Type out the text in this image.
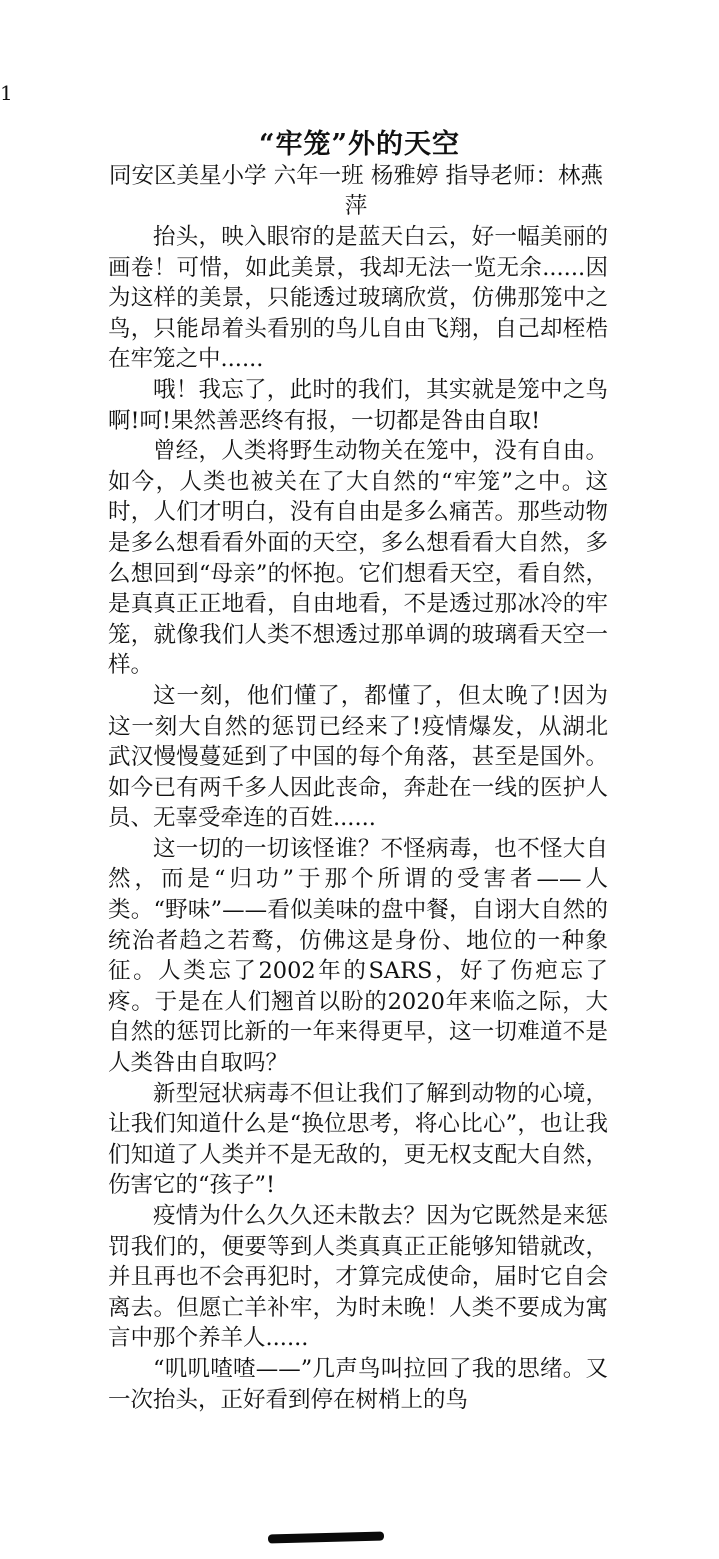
1
“牢笼”外的天空
同安区美星小学 六年一班 杨雅婷 指导老师：林燕萍

抬头，映入眼帘的是蓝天白云，好一幅美丽的画卷！可惜，如此美景，我却无法一览无余......因为这样的美景，只能透过玻璃欣赏，仿佛那笼中之鸟，只能昂着头看别的鸟儿自由飞翔，自己却桎梏在牢笼之中......

哦！我忘了，此时的我们，其实就是笼中之鸟啊!呵!果然善恶终有报，一切都是咎由自取!

曾经，人类将野生动物关在笼中，没有自由。如今，人类也被关在了大自然的“牢笼”之中。这时，人们才明白，没有自由是多么痛苦。那些动物是多么想看看外面的天空，多么想看看大自然，多么想回到“母亲”的怀抱。它们想看天空，看自然，是真真正正地看，自由地看，不是透过那冰冷的牢笼，就像我们人类不想透过那单调的玻璃看天空一样。

这一刻，他们懂了，都懂了，但太晚了!因为这一刻大自然的惩罚已经来了!疫情爆发，从湖北武汉慢慢蔓延到了中国的每个角落，甚至是国外。如今已有两千多人因此丧命，奔赴在一线的医护人员、无辜受牵连的百姓......

这一切的一切该怪谁？不怪病毒，也不怪大自然，而是“归功”于那个所谓的受害者——人类。“野味”——看似美味的盘中餐，自诩大自然的统治者趋之若鹜，仿佛这是身份、地位的一种象征。人类忘了2002年的SARS，好了伤疤忘了疼。于是在人们翘首以盼的2020年来临之际，大自然的惩罚比新的一年来得更早，这一切难道不是人类咎由自取吗？

新型冠状病毒不但让我们了解到动物的心境，让我们知道什么是“换位思考，将心比心”，也让我们知道了人类并不是无敌的，更无权支配大自然，伤害它的“孩子”!

疫情为什么久久还未散去？因为它既然是来惩罚我们的，便要等到人类真真正正能够知错就改，并且再也不会再犯时，才算完成使命，届时它自会离去。但愿亡羊补牢，为时未晚！人类不要成为寓言中那个养羊人......

“叽叽喳喳——”几声鸟叫拉回了我的思绪。又一次抬头，正好看到停在树梢上的鸟
